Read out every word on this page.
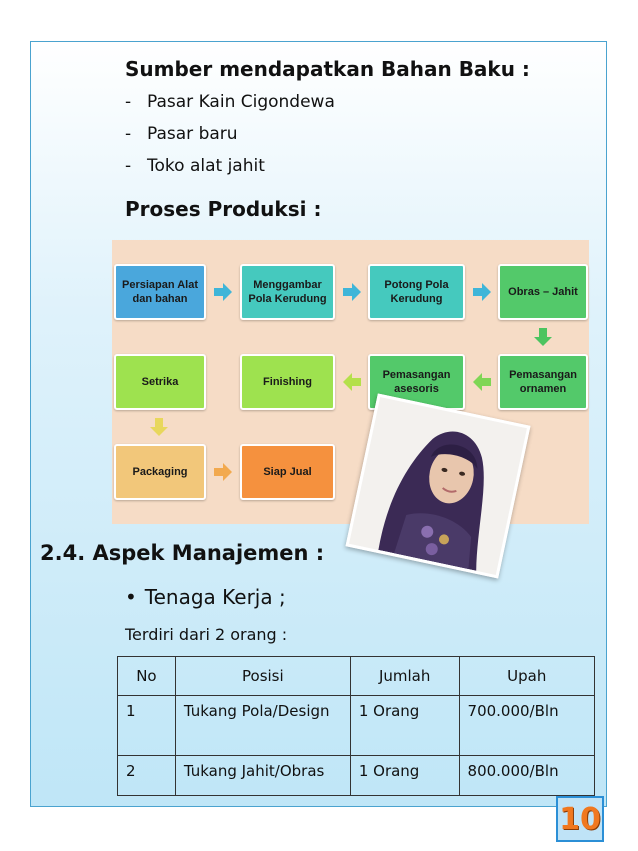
Sumber mendapatkan Bahan Baku :
- Pasar Kain Cigondewa
- Pasar baru
- Toko alat jahit
Proses Produksi :
Persiapan Alat dan bahan
Menggambar Pola Kerudung
Potong Pola Kerudung
Obras – Jahit
Setrika	Finishing
Pemasangan asesoris
Pemasangan ornamen
Packaging	Siap Jual
2.4. Aspek Manajemen :
• Tenaga Kerja ;
Terdiri dari 2 orang :
No	Posisi	Jumlah	Upah
1	Tukang Pola/Design	1 Orang	700.000/Bln
2	Tukang Jahit/Obras	1 Orang	800.000/Bln
10
